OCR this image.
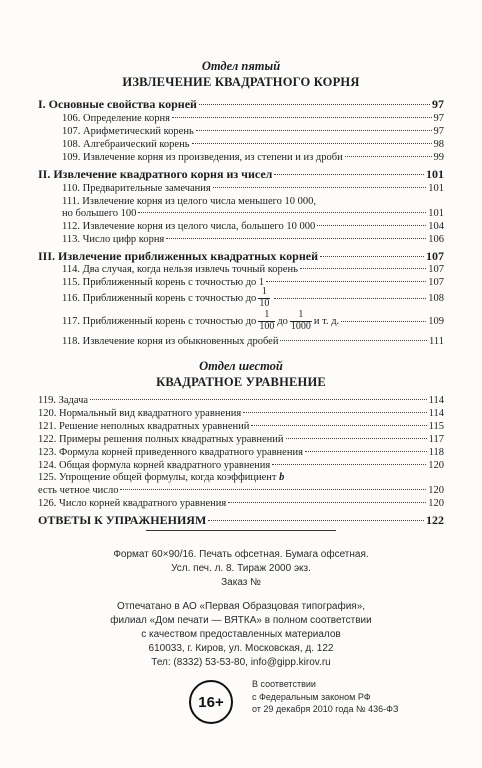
Отдел пятый
ИЗВЛЕЧЕНИЕ КВАДРАТНОГО КОРНЯ
I. Основные свойства корней	97
106. Определение корня	97
107. Арифметический корень	97
108. Алгебраический корень	98
109. Извлечение корня из произведения, из степени и из дроби	99
II. Извлечение квадратного корня из чисел	101
110. Предварительные замечания	101
111. Извлечение корня из целого числа меньшего 10 000,
но большего 100	101
112. Извлечение корня из целого числа, большего 10 000	104
113. Число цифр корня	106
III. Извлечение приближенных квадратных корней	107
114. Два случая, когда нельзя извлечь точный корень	107
115. Приближенный корень с точностью до 1	107
116. Приближенный корень с точностью до $\frac{1}{10}$	108
117. Приближенный корень с точностью до $\frac{1}{100}$ до $\frac{1}{1000}$ и т. д.	109
118. Извлечение корня из обыкновенных дробей	111
Отдел шестой
КВАДРАТНОЕ УРАВНЕНИЕ
119. Задача	114
120. Нормальный вид квадратного уравнения	114
121. Решение неполных квадратных уравнений	115
122. Примеры решения полных квадратных уравнений	117
123. Формула корней приведенного квадратного уравнения	118
124. Общая формула корней квадратного уравнения	120
125. Упрощение общей формулы, когда коэффициент b
есть четное число	120
126. Число корней квадратного уравнения	120
ОТВЕТЫ К УПРАЖНЕНИЯМ	122
Формат 60×90/16. Печать офсетная. Бумага офсетная.
Усл. печ. л. 8. Тираж 2000 экз.
Заказ №
Отпечатано в АО «Первая Образцовая типография»,
филиал «Дом печати — ВЯТКА» в полном соответствии
с качеством предоставленных материалов
610033, г. Киров, ул. Московская, д. 122
Тел: (8332) 53-53-80, info@gipp.kirov.ru
16+
В соответствии
с Федеральным законом РФ
от 29 декабря 2010 года № 436-ФЗ
